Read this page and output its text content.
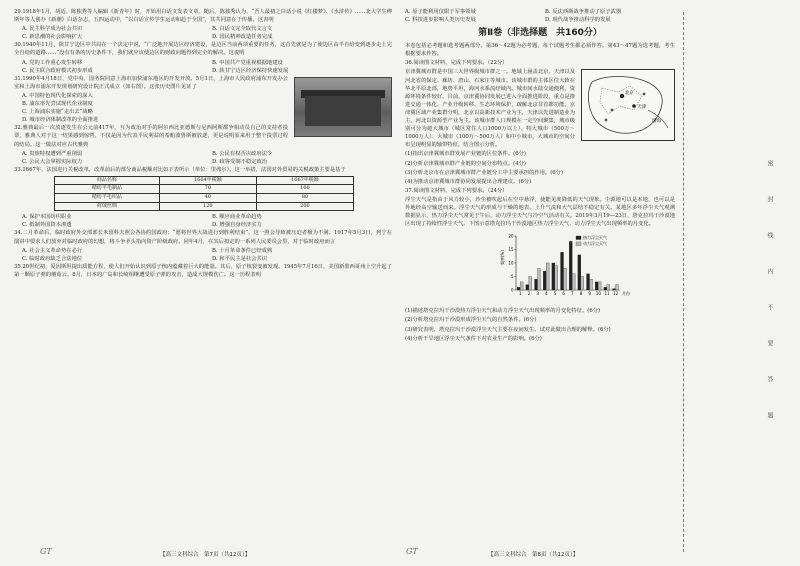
29.1918年1月，胡适、陈独秀等人编辑《新青年》时，开始用白话文发表文章、随后，陈独秀认为，“吾人最初之白话小说《红楼梦》、《水浒传》……北大学生傅斯年等人创办《新潮》白话杂志，五四运动中，“以白话宣传学生运动和趋于全国”，其共同意在于传播。这表明
A. 民主科学成为社会共识	B. 白话文完全取代文言文
C. 新思潮的社会影响扩大	D. 国民精神改造任务完成
30.1940年11月，陕甘宁边区中共局在一个决定中说，“广泛地开展边区经济建设，是边区当前两项重要的任务，这首先就是为了使边区由半自给变到逐步走上完全自给的道路……”没有有条的历史条件下，我们就应该使边区的财政问题得到完全的解决。这说明
A. 党的工作重心发生转移	B. 中国共产党重视根据地建设
C. 民主联合政府模式初步形成	D. 陕甘宁边区经济保持快速发展
31.1990年4月18日，党中央、国务院同意上海市加快浦东地区的开发开放。5月1日，上海市人民政府浦东开发办公室和上海市浦东开发规划研究设计院正式成立（如右图）。这张历史图片见证了
A. 中国特色现代化探索的深入
B. 浦东率先尝试现代企业制度
C. 上海浦东实施“走出去”战略
D. 城市经济体制改革的全面推进
32.雅典最后一次放逐发生在公元前417年，互为政治对手的阿尔西比亚德斯与尼西阿斯都争相动员自己的支持者投票，雅典人对于这一结果感到惊愕，不仅是因为代表平民利益的希帕波鲁斯被放逐，更是说明原来用于整个投票过程的结局。这一做法对应古代雅典
A. 贵族特权遭到严重削弱	B. 公民有权否决政府法令
C. 公民大会掌握实际权力	D. 政客受制不稳定政治
33.1667年，法国进行关税改革，改革前后的部分商品税额对比如下表所示（单位：里弗尔）。这一举措，法国对外贸易的关税政策主要是基于
商品名称	1664年税额	1667年税额
精纺羊毛制品	70	100
精纺羊毛织品	40	80
荷绒丝绸	120	200
A. 保护本国纺织职业	B. 顺应商业革命趋势
C. 抵制外国资本渗透	D. 增强自身经济实力
34.二月革命后，临时政府外交部部长米留科夫照会各协约国政府：“愿将世界大战进行到胜利结束”，这一照会导致被压迫者极为不满。1917年5月3日，列宁在演讲中要求人们放弃对临时政府的幻想，将斗争矛头指向资产阶级政府。同年4月，在其后拟定的一系列人民委员会里，对于临时政府而言
A. 社会主义革命势在必行	B. 十月革命条件已经成熟
C. 临时政府缺乏合法地位	D. 和平民主是社会共识
35.20世纪初，爱因斯坦提出质能方程，使人们开始认识到原子核内蕴藏着巨大的能量。其后，原子核裂变被发现。1945年7月16日，美国新墨西哥州上空升起了第一颗原子弹的蘑菇云。8月，日本的广岛和长崎相继遭受原子弹的攻击，造成大规模伤亡。这一历程表明
A. 原子能利用仅限于军事领域	B. 反法西斯战争推动了原子武器
C. 科技进步影响人类历史发展	D. 现代战争推动科学的发展
第Ⅱ卷（非选择题　共160分）
本卷包括必考题和选考题两部分。第36～42题为必考题，每个试题考生都必须作答。第43～47题为选考题，考生根据要求作答。
36.阅读图文材料，完成下列要求。（22分）
北京
天津
渤海
京津冀城市群是中国三大世界级城市群之一。地域上涵盖北京、天津以及河北省的保定、廊坊、唐山、石家庄等城市。该城市群的主体区位大致在华北平原北部，地势平坦，海河水系流经域内。城市间水陆交通便利，资源环境条件较好。目前，京津冀协同发展已进入全面推进阶段，重点是推进交通一体化、产业升级转移、生态环境保护，疏解北京非首都功能。京津冀区域产业集群分明，北京以高新技术产业为主，天津以先进制造业为主，河北以资源型产业为主。该城市群人口规模在一定空间聚集，城市级别可分为超大城市（城区常住人口1000万以上）、特大城市（500万～1000万人）、大城市（100万～500万人）和中小城市，大城市的空间分布呈现明显的轴带特征，结合图示分析。
(1)指出京津冀城市群发展产业链的区位条件。(6分)
(2)分析京津冀城市群产业链的空间分布特点。(4分)
(3)分析北京市在京津冀城市群产业链分工中主要承担的作用。(6分)
(4)为推动京津冀城市群协同发展提出合理建议。(6分)
37.阅读图文材料，完成下列要求。（24分）
浮尘天气是指由于风力较小，沙尘被吹起后在空中悬浮，使能见度降低的天气现象。尘源地可以是本地，也可以是外地经高空输送而来。浮尘天气的形成与干燥的地表、上升气流和大气层结不稳定有关。某地区多年浮尘天气观测数据显示，热力浮尘天气常见于午后，动力浮尘天气与冷空气活动有关。2019年3月19—23日，塔克拉玛干沙漠地区出现了持续性浮尘天气。下图示意塔克拉玛干沙漠地区热力浮尘天气、动力浮尘天气出现频率的月变化。
0
5
10
15
20
1 2 3 4 5 6 7 8 9 10 11 12 月份
频率(%)
热力浮尘天气
动力浮尘天气
(1)描述塔克拉玛干沙漠热力浮尘天气和动力浮尘天气出现频率的月变化特征。(6分)
(2)分析塔克拉玛干沙漠形成浮尘天气的自然条件。(6分)
(3)研究表明，塔克拉玛干沙漠浮尘天气主要在夜间发生。试对此做出合理的解释。(6分)
(4)分析干旱地区浮尘天气条件下对农业生产的影响。(6分)
GT	GT
【高三文科综合　第7页（共12页）】	【高三文科综合　第8页（共12页）】
密　封　线　内　不　要　答　题
